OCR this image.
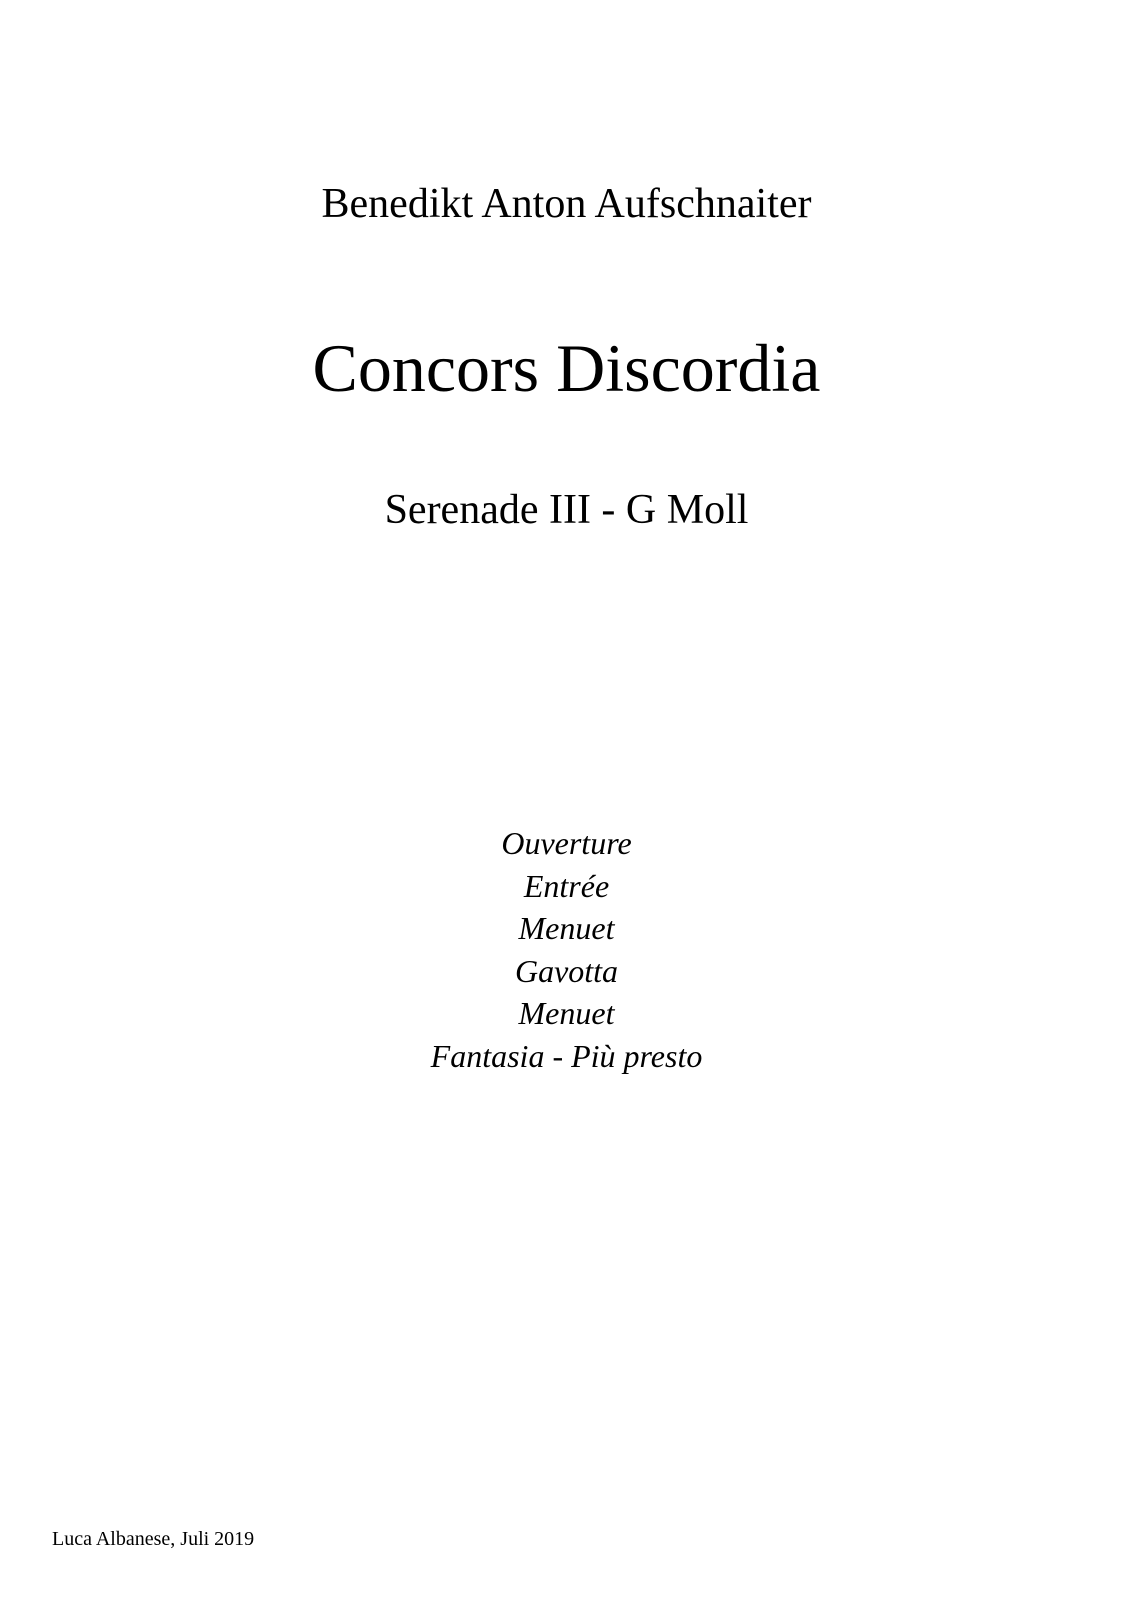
Benedikt Anton Aufschnaiter
Concors Discordia
Serenade III - G Moll
Ouverture
Entrée
Menuet
Gavotta
Menuet
Fantasia - Più presto
Luca Albanese, Juli 2019
